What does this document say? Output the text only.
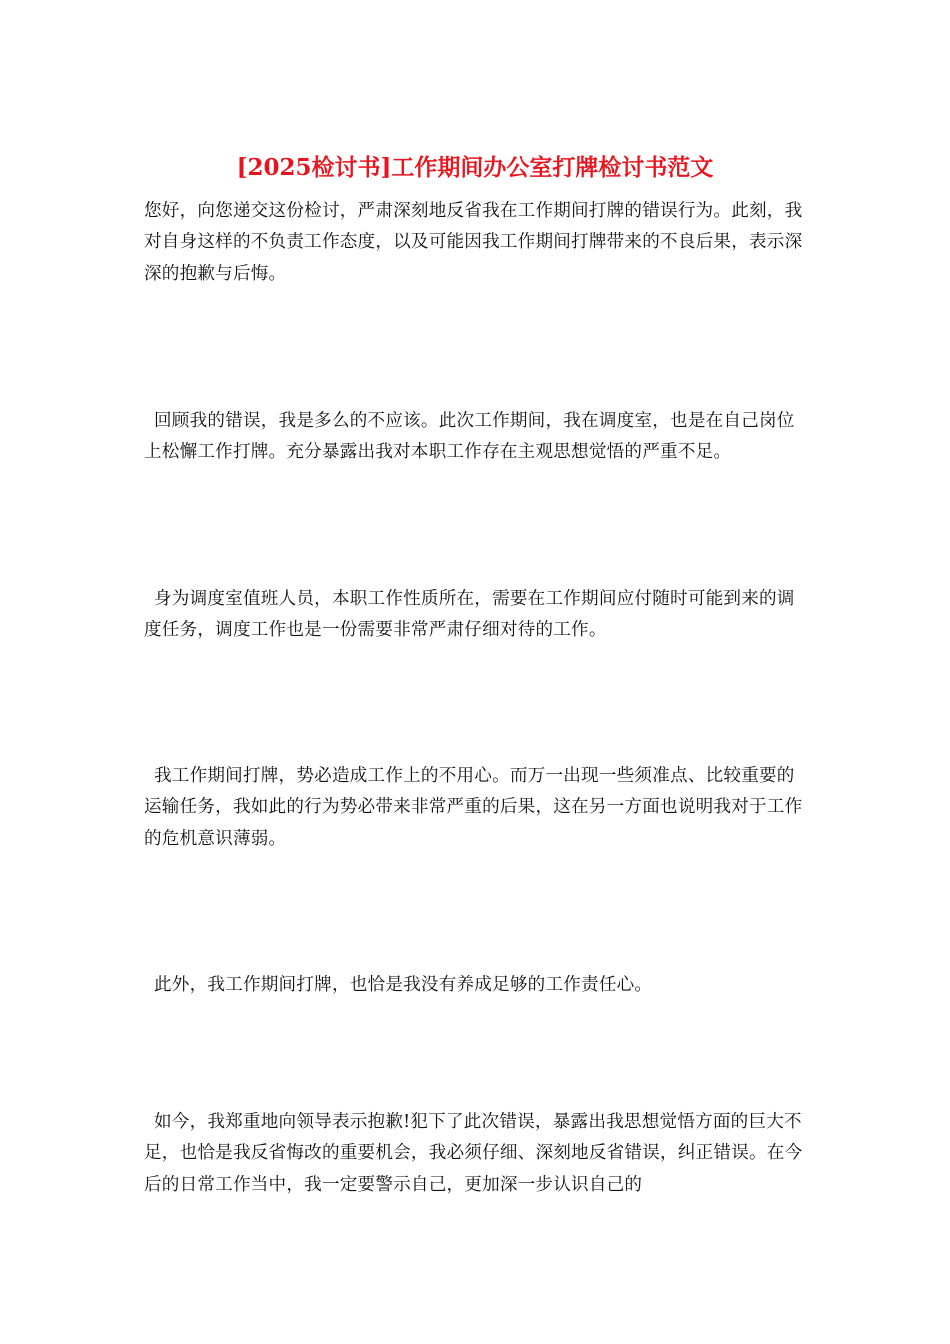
[2025检讨书]工作期间办公室打牌检讨书范文

您好，向您递交这份检讨，严肃深刻地反省我在工作期间打牌的错误行为。此刻，我对自身这样的不负责工作态度，以及可能因我工作期间打牌带来的不良后果，表示深深的抱歉与后悔。

回顾我的错误，我是多么的不应该。此次工作期间，我在调度室，也是在自己岗位上松懈工作打牌。充分暴露出我对本职工作存在主观思想觉悟的严重不足。

身为调度室值班人员，本职工作性质所在，需要在工作期间应付随时可能到来的调度任务，调度工作也是一份需要非常严肃仔细对待的工作。

我工作期间打牌，势必造成工作上的不用心。而万一出现一些须准点、比较重要的运输任务，我如此的行为势必带来非常严重的后果，这在另一方面也说明我对于工作的危机意识薄弱。

此外，我工作期间打牌，也恰是我没有养成足够的工作责任心。

如今，我郑重地向领导表示抱歉!犯下了此次错误，暴露出我思想觉悟方面的巨大不足，也恰是我反省悔改的重要机会，我必须仔细、深刻地反省错误，纠正错误。在今后的日常工作当中，我一定要警示自己，更加深一步认识自己的
